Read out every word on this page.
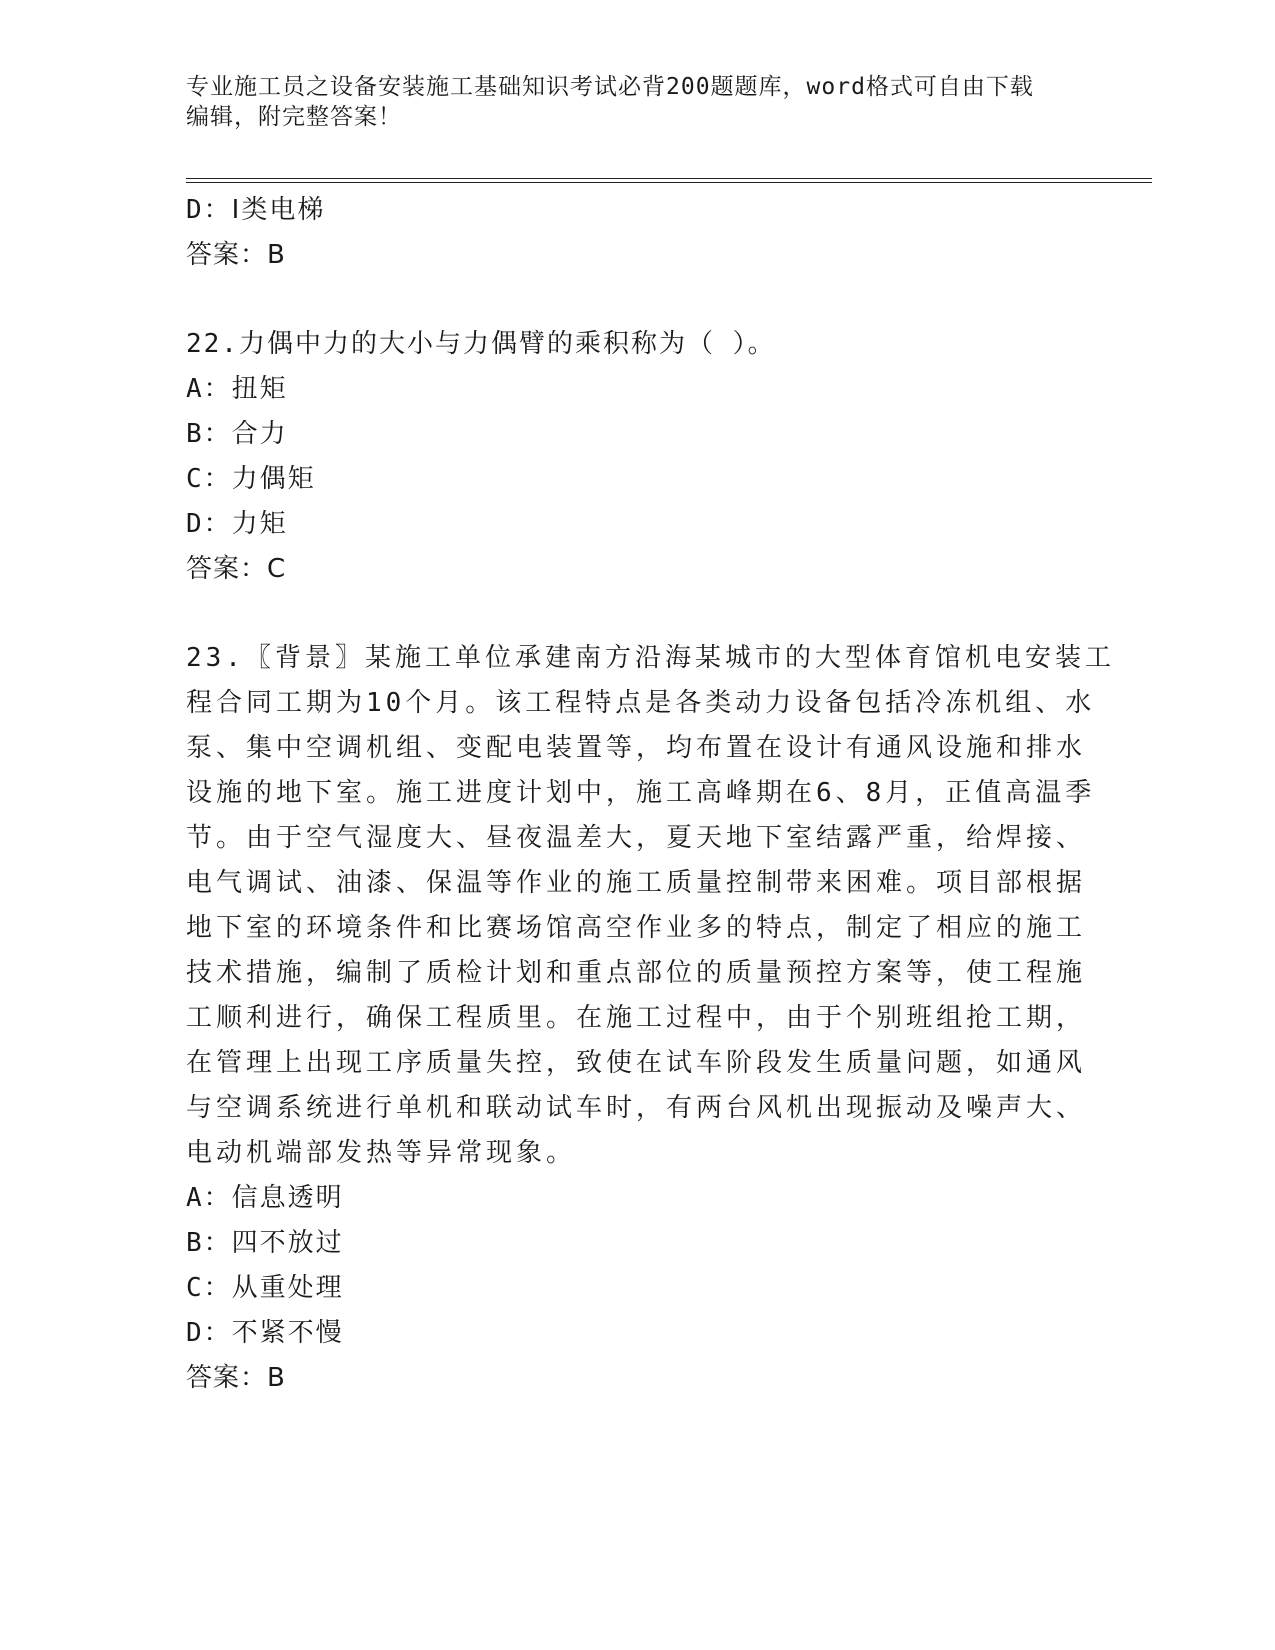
专业施工员之设备安装施工基础知识考试必背200题题库，word格式可自由下载
编辑，附完整答案！
D：Ⅰ类电梯
答案：B
22.力偶中力的大小与力偶臂的乘积称为（ ）。
A：扭矩
B：合力
C：力偶矩
D：力矩
答案：C
23.〖背景〗某施工单位承建南方沿海某城市的大型体育馆机电安装工
程合同工期为10个月。该工程特点是各类动力设备包括冷冻机组、水
泵、集中空调机组、变配电装置等，均布置在设计有通风设施和排水
设施的地下室。施工进度计划中，施工高峰期在6、8月，正值高温季
节。由于空气湿度大、昼夜温差大，夏天地下室结露严重，给焊接、
电气调试、油漆、保温等作业的施工质量控制带来困难。项目部根据
地下室的环境条件和比赛场馆高空作业多的特点，制定了相应的施工
技术措施，编制了质检计划和重点部位的质量预控方案等，使工程施
工顺利进行，确保工程质里。在施工过程中，由于个别班组抢工期，
在管理上出现工序质量失控，致使在试车阶段发生质量问题，如通风
与空调系统进行单机和联动试车时，有两台风机出现振动及噪声大、
电动机端部发热等异常现象。
A：信息透明
B：四不放过
C：从重处理
D：不紧不慢
答案：B
